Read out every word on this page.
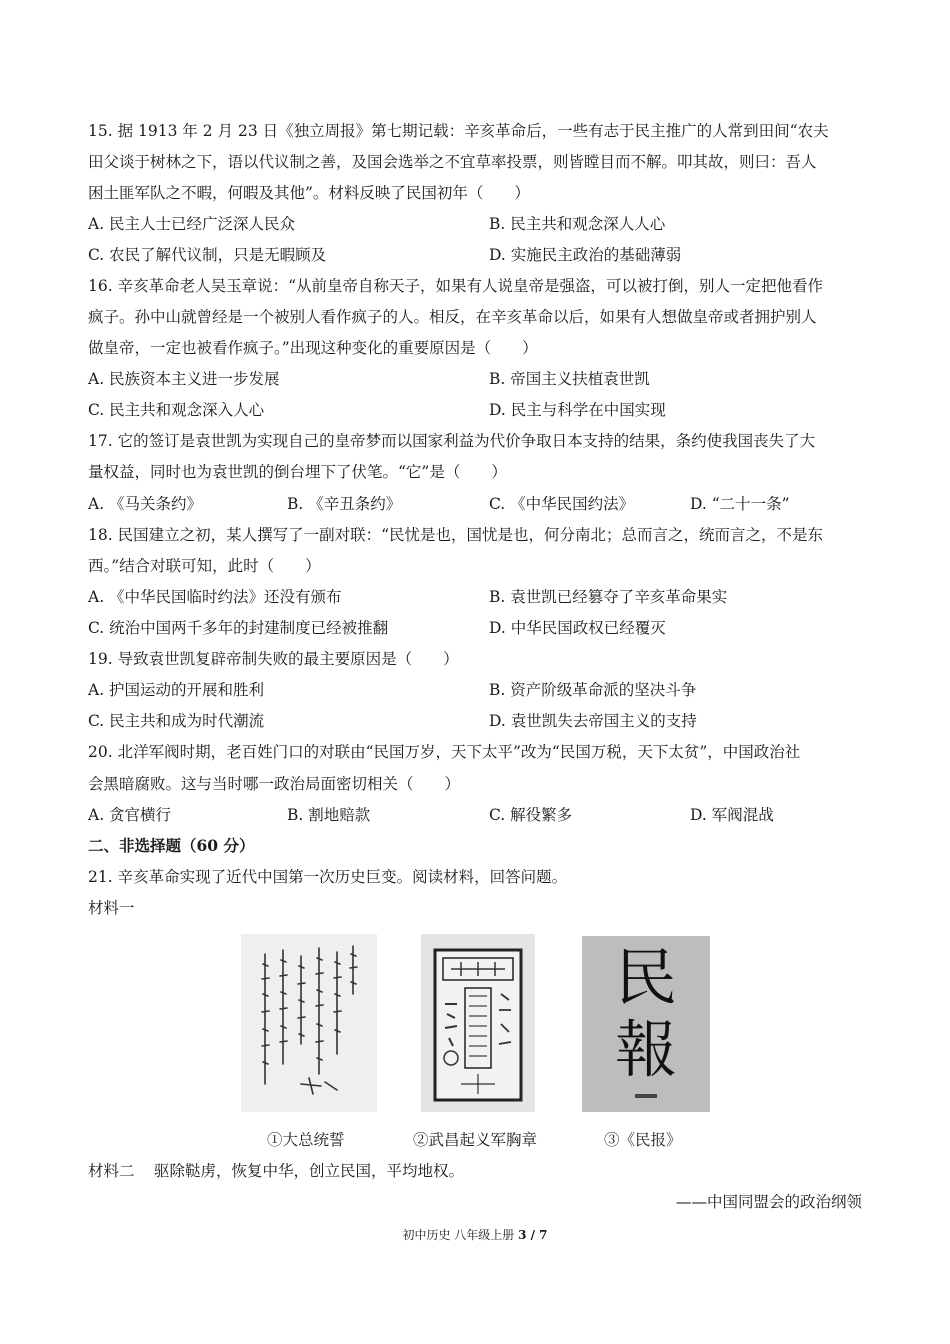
15. 据 1913 年 2 月 23 日《独立周报》第七期记载：辛亥革命后，一些有志于民主推广的人常到田间“农夫
田父谈于树林之下，语以代议制之善，及国会选举之不宜草率投票，则皆瞠目而不解。叩其故，则曰：吾人
困土匪军队之不暇，何暇及其他”。材料反映了民国初年（　　）
A. 民主人士已经广泛深人民众	B. 民主共和观念深人人心
C. 农民了解代议制，只是无暇顾及	D. 实施民主政治的基础薄弱
16. 辛亥革命老人吴玉章说：“从前皇帝自称天子，如果有人说皇帝是强盗，可以被打倒，别人一定把他看作
疯子。孙中山就曾经是一个被别人看作疯子的人。相反，在辛亥革命以后，如果有人想做皇帝或者拥护别人
做皇帝，一定也被看作疯子。”出现这种变化的重要原因是（　　）
A. 民族资本主义进一步发展	B. 帝国主义扶植袁世凯
C. 民主共和观念深入人心	D. 民主与科学在中国实现
17. 它的签订是袁世凯为实现自己的皇帝梦而以国家利益为代价争取日本支持的结果，条约使我国丧失了大
量权益，同时也为袁世凯的倒台埋下了伏笔。“它”是（　　）
A. 《马关条约》	B. 《辛丑条约》	C. 《中华民国约法》	D. “二十一条”
18. 民国建立之初，某人撰写了一副对联：“民忧是也，国忧是也，何分南北；总而言之，统而言之，不是东
西。”结合对联可知，此时（　　）
A. 《中华民国临时约法》还没有颁布	B. 袁世凯已经篡夺了辛亥革命果实
C. 统治中国两千多年的封建制度已经被推翻	D. 中华民国政权已经覆灭
19. 导致袁世凯复辟帝制失败的最主要原因是（　　）
A. 护国运动的开展和胜利	B. 资产阶级革命派的坚决斗争
C. 民主共和成为时代潮流	D. 袁世凯失去帝国主义的支持
20. 北洋军阀时期，老百姓门口的对联由“民国万岁，天下太平”改为“民国万税，天下太贫”，中国政治社
会黑暗腐败。这与当时哪一政治局面密切相关（　　）
A. 贪官横行	B. 割地赔款	C. 解役繁多	D. 军阀混战
二、非选择题（60 分）
21. 辛亥革命实现了近代中国第一次历史巨变。阅读材料，回答问题。
材料一
民
報
①大总统誓	②武昌起义军胸章	③《民报》
材料二 驱除鞑虏，恢复中华，创立民国，平均地权。
——中国同盟会的政治纲领
初中历史 八年级上册 3 / 7
